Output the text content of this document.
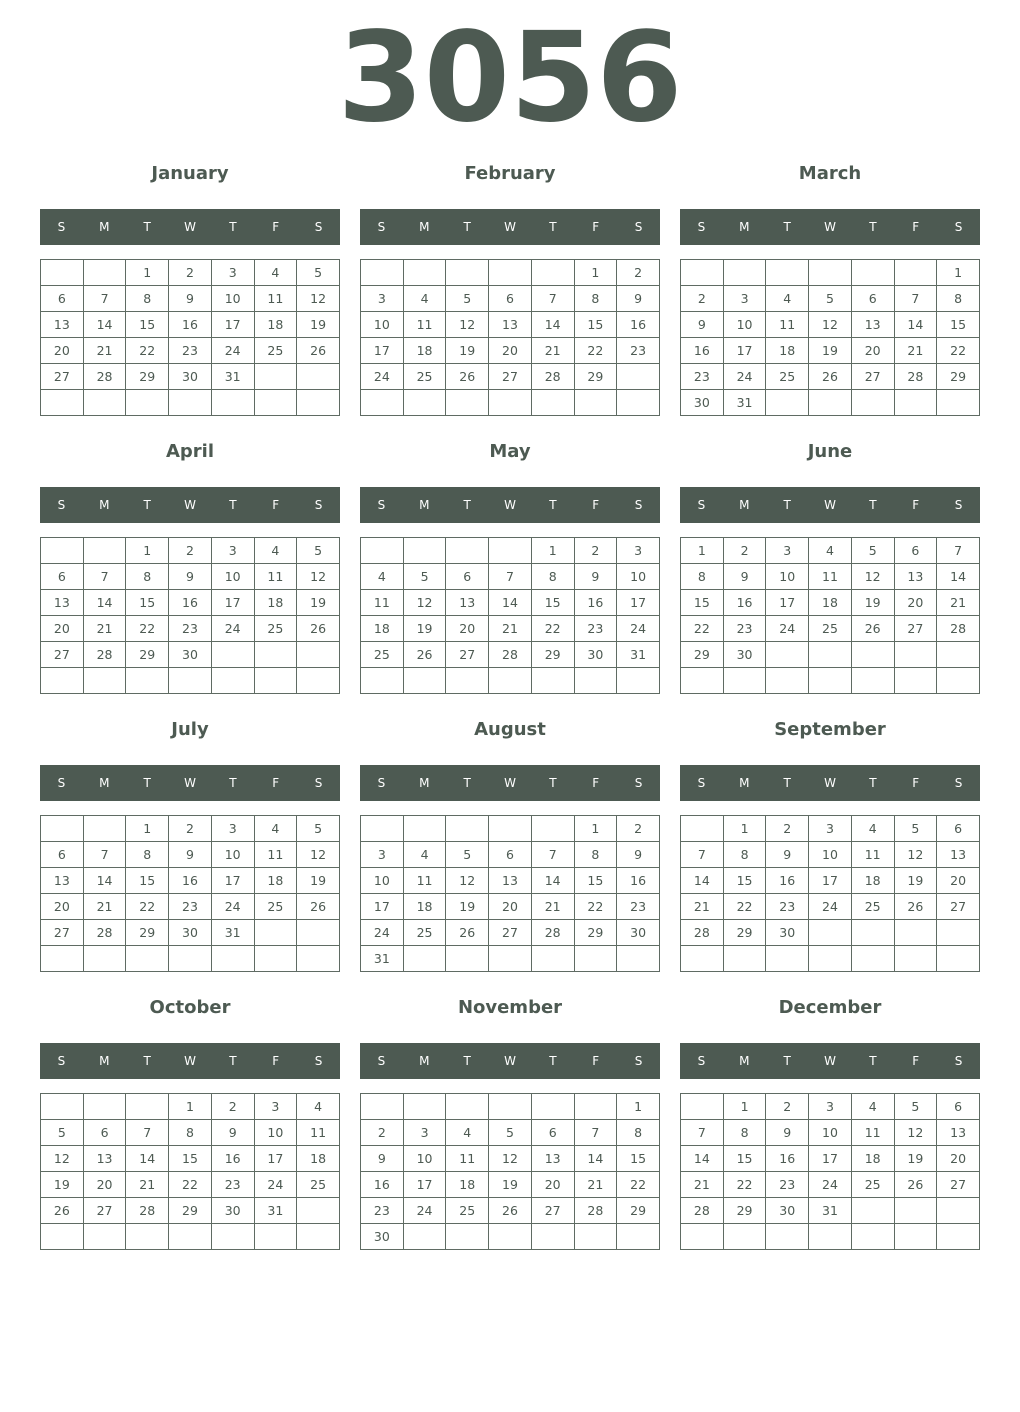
3056
January
S	M	T	W	T	F	S
		1	2	3	4	5
6	7	8	9	10	11	12
13	14	15	16	17	18	19
20	21	22	23	24	25	26
27	28	29	30	31		

February
S	M	T	W	T	F	S
					1	2
3	4	5	6	7	8	9
10	11	12	13	14	15	16
17	18	19	20	21	22	23
24	25	26	27	28	29	

March
S	M	T	W	T	F	S
						1
2	3	4	5	6	7	8
9	10	11	12	13	14	15
16	17	18	19	20	21	22
23	24	25	26	27	28	29
30	31					
April
S	M	T	W	T	F	S
		1	2	3	4	5
6	7	8	9	10	11	12
13	14	15	16	17	18	19
20	21	22	23	24	25	26
27	28	29	30			

May
S	M	T	W	T	F	S
				1	2	3
4	5	6	7	8	9	10
11	12	13	14	15	16	17
18	19	20	21	22	23	24
25	26	27	28	29	30	31

June
S	M	T	W	T	F	S
1	2	3	4	5	6	7
8	9	10	11	12	13	14
15	16	17	18	19	20	21
22	23	24	25	26	27	28
29	30					

July
S	M	T	W	T	F	S
		1	2	3	4	5
6	7	8	9	10	11	12
13	14	15	16	17	18	19
20	21	22	23	24	25	26
27	28	29	30	31		

August
S	M	T	W	T	F	S
					1	2
3	4	5	6	7	8	9
10	11	12	13	14	15	16
17	18	19	20	21	22	23
24	25	26	27	28	29	30
31						
September
S	M	T	W	T	F	S
	1	2	3	4	5	6
7	8	9	10	11	12	13
14	15	16	17	18	19	20
21	22	23	24	25	26	27
28	29	30				

October
S	M	T	W	T	F	S
			1	2	3	4
5	6	7	8	9	10	11
12	13	14	15	16	17	18
19	20	21	22	23	24	25
26	27	28	29	30	31	

November
S	M	T	W	T	F	S
						1
2	3	4	5	6	7	8
9	10	11	12	13	14	15
16	17	18	19	20	21	22
23	24	25	26	27	28	29
30						
December
S	M	T	W	T	F	S
	1	2	3	4	5	6
7	8	9	10	11	12	13
14	15	16	17	18	19	20
21	22	23	24	25	26	27
28	29	30	31			
